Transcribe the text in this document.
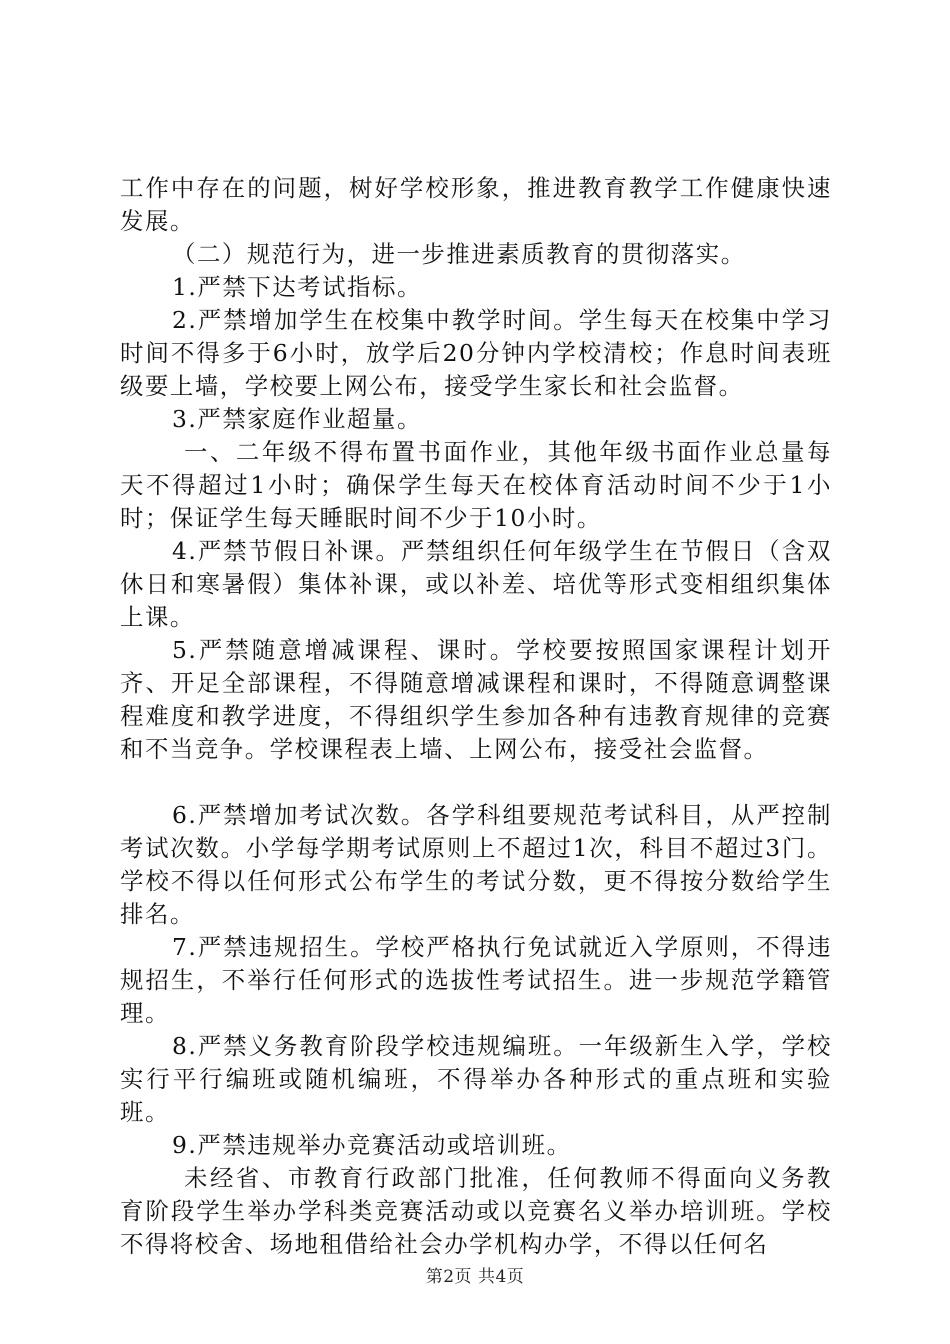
工作中存在的问题，树好学校形象，推进教育教学工作健康快速发展。

（二）规范行为，进一步推进素质教育的贯彻落实。

1.严禁下达考试指标。

2.严禁增加学生在校集中教学时间。学生每天在校集中学习时间不得多于6小时，放学后20分钟内学校清校；作息时间表班级要上墙，学校要上网公布，接受学生家长和社会监督。

3.严禁家庭作业超量。

一、二年级不得布置书面作业，其他年级书面作业总量每天不得超过1小时；确保学生每天在校体育活动时间不少于1小时；保证学生每天睡眠时间不少于10小时。

4.严禁节假日补课。严禁组织任何年级学生在节假日（含双休日和寒暑假）集体补课，或以补差、培优等形式变相组织集体上课。

5.严禁随意增减课程、课时。学校要按照国家课程计划开齐、开足全部课程，不得随意增减课程和课时，不得随意调整课程难度和教学进度，不得组织学生参加各种有违教育规律的竞赛和不当竞争。学校课程表上墙、上网公布，接受社会监督。

6.严禁增加考试次数。各学科组要规范考试科目，从严控制考试次数。小学每学期考试原则上不超过1次，科目不超过3门。学校不得以任何形式公布学生的考试分数，更不得按分数给学生排名。

7.严禁违规招生。学校严格执行免试就近入学原则，不得违规招生，不举行任何形式的选拔性考试招生。进一步规范学籍管理。

8.严禁义务教育阶段学校违规编班。一年级新生入学，学校实行平行编班或随机编班，不得举办各种形式的重点班和实验班。

9.严禁违规举办竞赛活动或培训班。

未经省、市教育行政部门批准，任何教师不得面向义务教育阶段学生举办学科类竞赛活动或以竞赛名义举办培训班。学校不得将校舍、场地租借给社会办学机构办学，不得以任何名

第2页 共4页
